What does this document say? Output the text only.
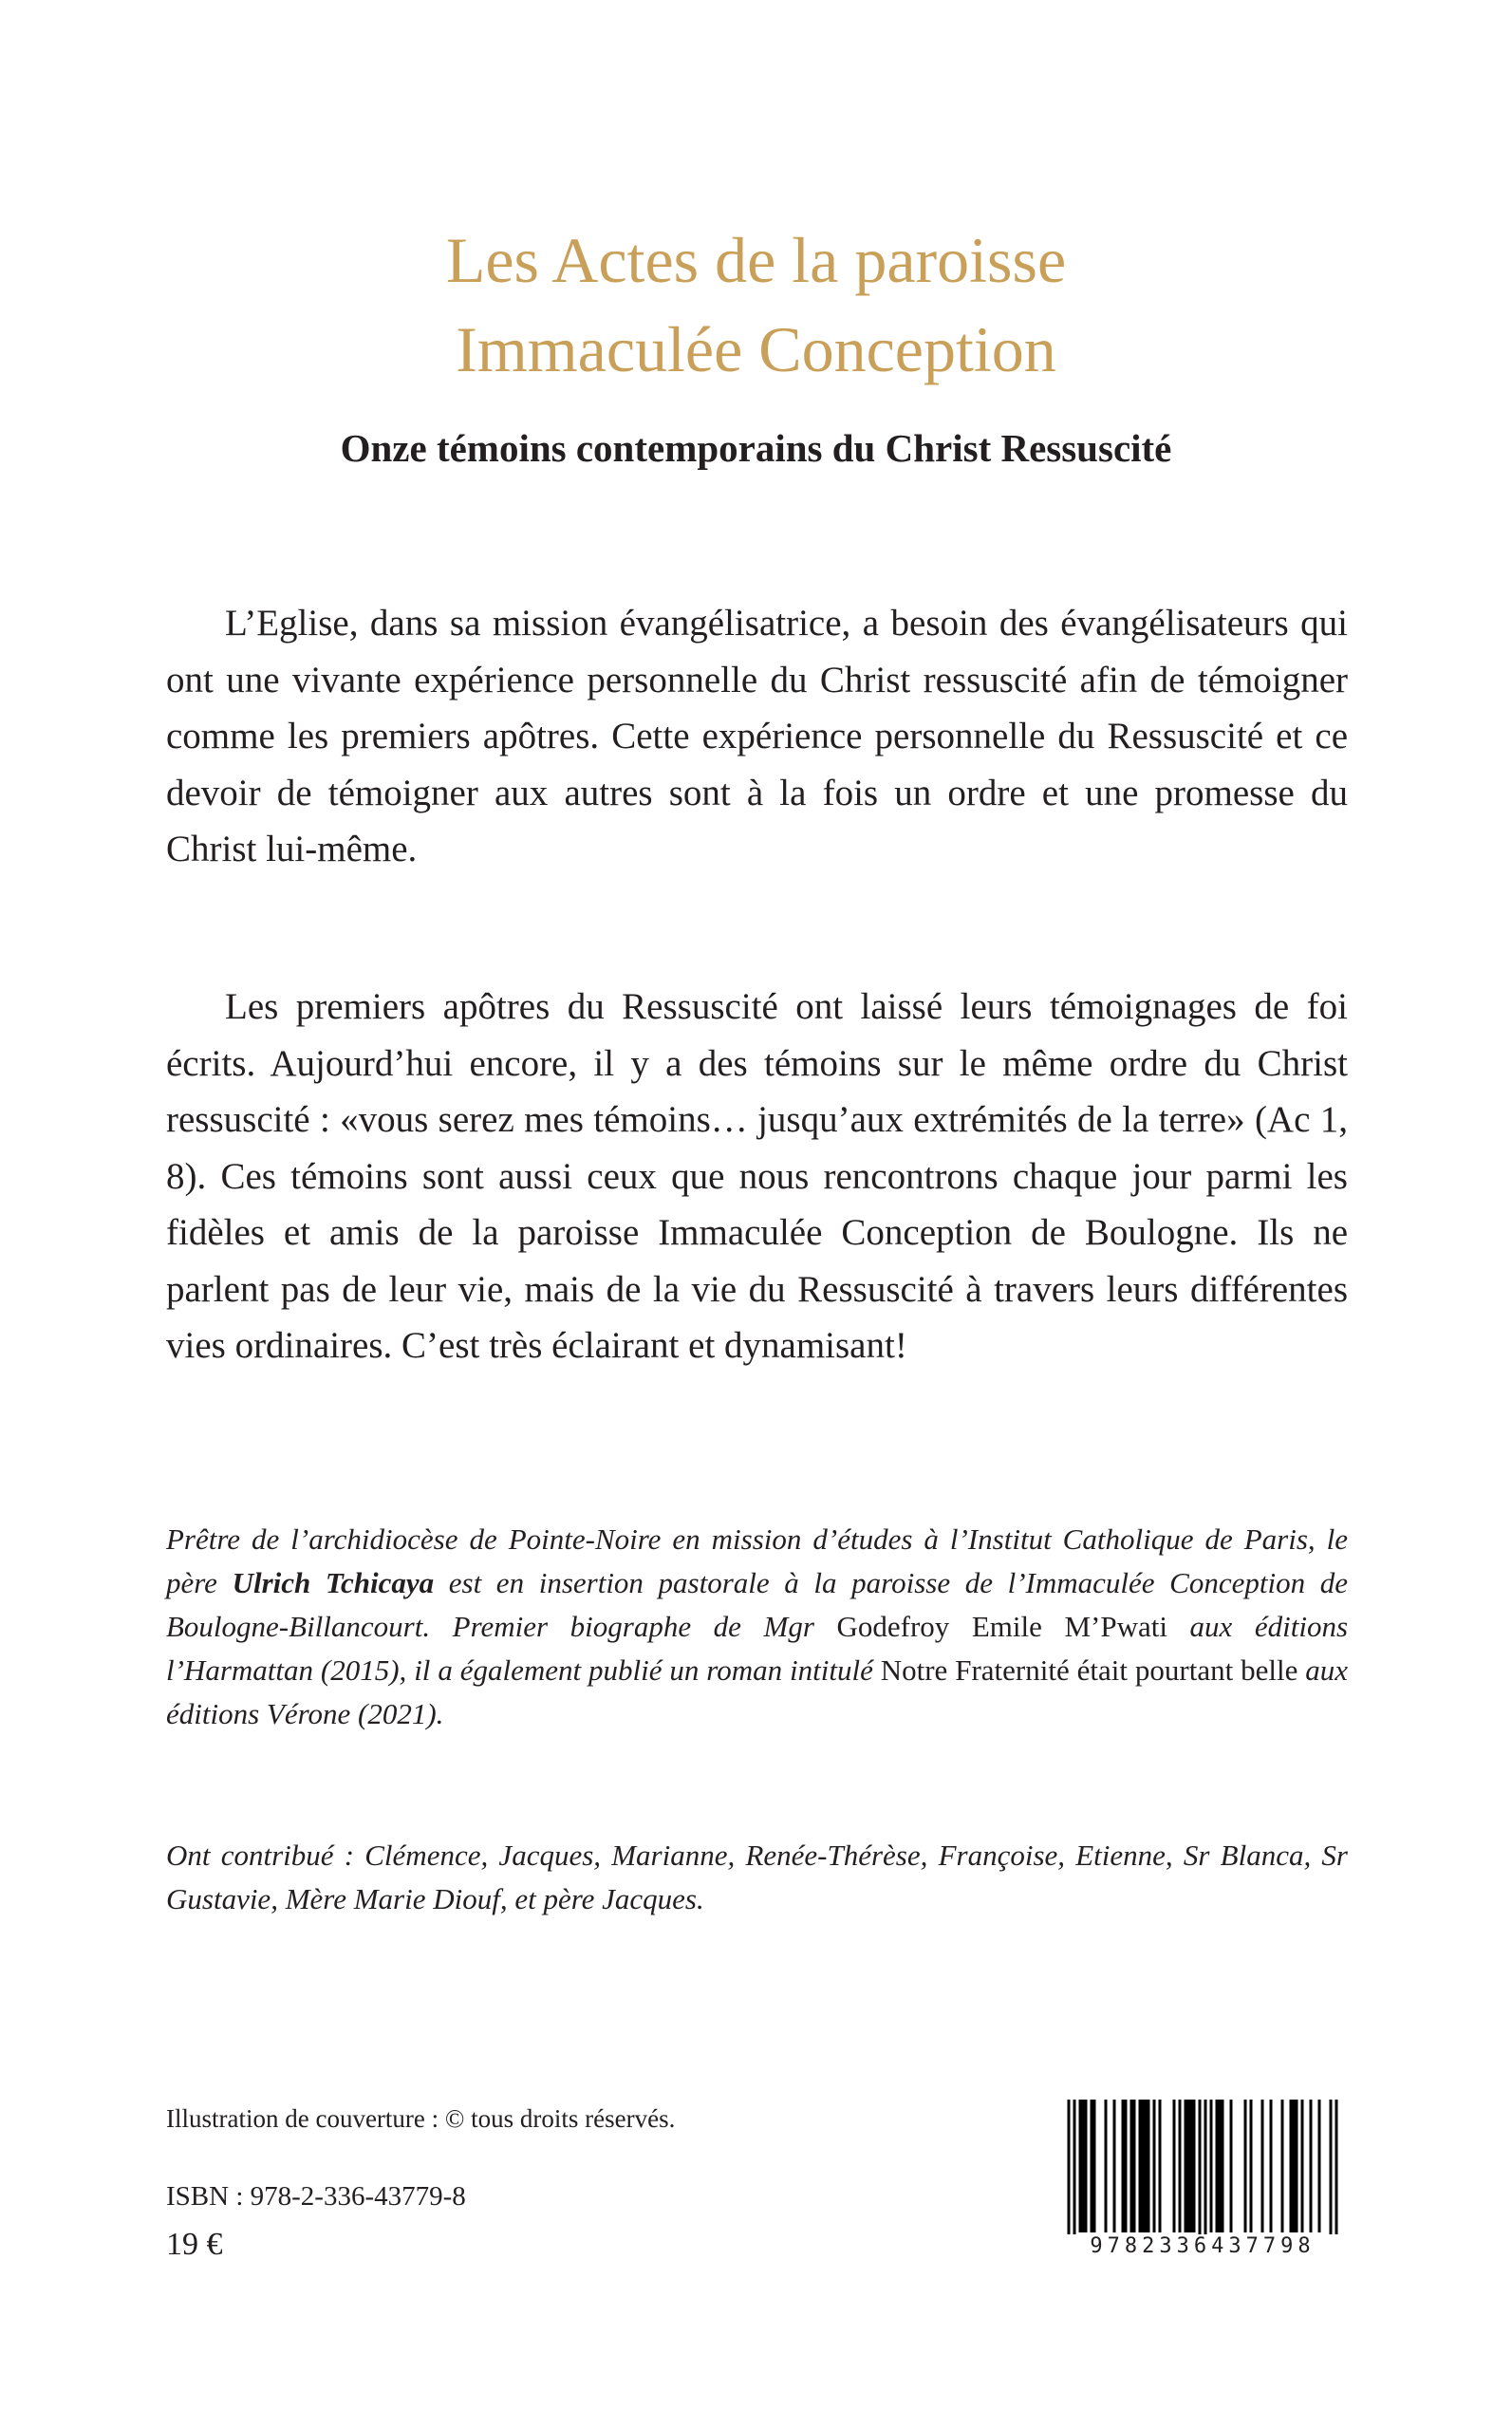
Les Actes de la paroisse
Immaculée Conception
Onze témoins contemporains du Christ Ressuscité

L’Eglise, dans sa mission évangélisatrice, a besoin des évangélisateurs qui ont une vivante expérience personnelle du Christ ressuscité afin de témoigner comme les premiers apôtres. Cette expérience personnelle du Ressuscité et ce devoir de témoigner aux autres sont à la fois un ordre et une promesse du Christ lui-même.

Les premiers apôtres du Ressuscité ont laissé leurs témoignages de foi écrits. Aujourd’hui encore, il y a des témoins sur le même ordre du Christ ressuscité : «vous serez mes témoins… jusqu’aux extrémités de la terre» (Ac 1, 8). Ces témoins sont aussi ceux que nous rencontrons chaque jour parmi les fidèles et amis de la paroisse Immaculée Conception de Boulogne. Ils ne parlent pas de leur vie, mais de la vie du Ressuscité à travers leurs différentes vies ordinaires. C’est très éclairant et dynamisant!

Prêtre de l’archidiocèse de Pointe-Noire en mission d’études à l’Institut Catholique de Paris, le père Ulrich Tchicaya est en insertion pastorale à la paroisse de l’Immaculée Conception de Boulogne-Billancourt. Premier biographe de Mgr Godefroy Emile M’Pwati aux éditions l’Harmattan (2015), il a également publié un roman intitulé Notre Fraternité était pourtant belle aux éditions Vérone (2021).

Ont contribué : Clémence, Jacques, Marianne, Renée-Thérèse, Françoise, Etienne, Sr Blanca, Sr Gustavie, Mère Marie Diouf, et père Jacques.

Illustration de couverture : © tous droits réservés.

ISBN : 978-2-336-43779-8

19 €	9782336437798
